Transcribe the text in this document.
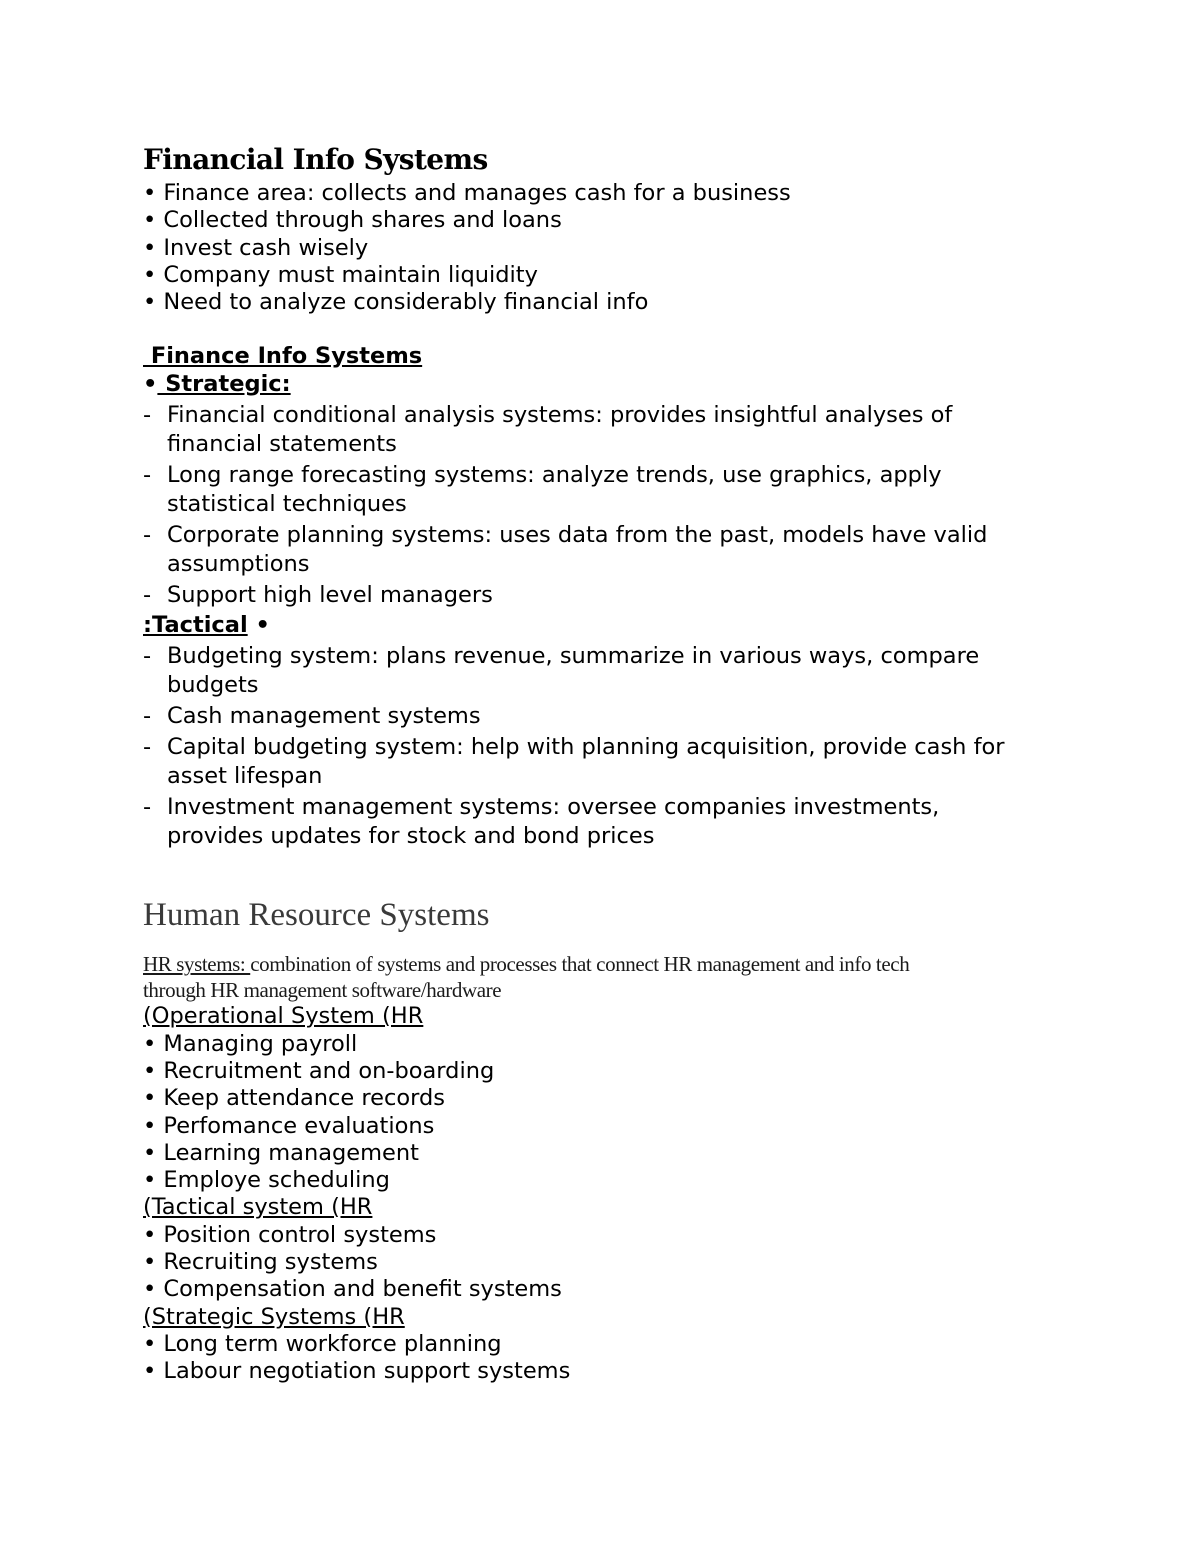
Financial Info Systems
• Finance area: collects and manages cash for a business
• Collected through shares and loans
• Invest cash wisely
• Company must maintain liquidity
• Need to analyze considerably financial info
Finance Info Systems
• Strategic:
- Financial conditional analysis systems: provides insightful analyses of
financial statements
- Long range forecasting systems: analyze trends, use graphics, apply
statistical techniques
- Corporate planning systems: uses data from the past, models have valid
assumptions
- Support high level managers
:Tactical •
- Budgeting system: plans revenue, summarize in various ways, compare
budgets
- Cash management systems
- Capital budgeting system: help with planning acquisition, provide cash for
asset lifespan
- Investment management systems: oversee companies investments,
provides updates for stock and bond prices
Human Resource Systems
HR systems: combination of systems and processes that connect HR management and info tech
through HR management software/hardware
(Operational System (HR
• Managing payroll
• Recruitment and on-boarding
• Keep attendance records
• Perfomance evaluations
• Learning management
• Employe scheduling
(Tactical system (HR
• Position control systems
• Recruiting systems
• Compensation and benefit systems
(Strategic Systems (HR
• Long term workforce planning
• Labour negotiation support systems
